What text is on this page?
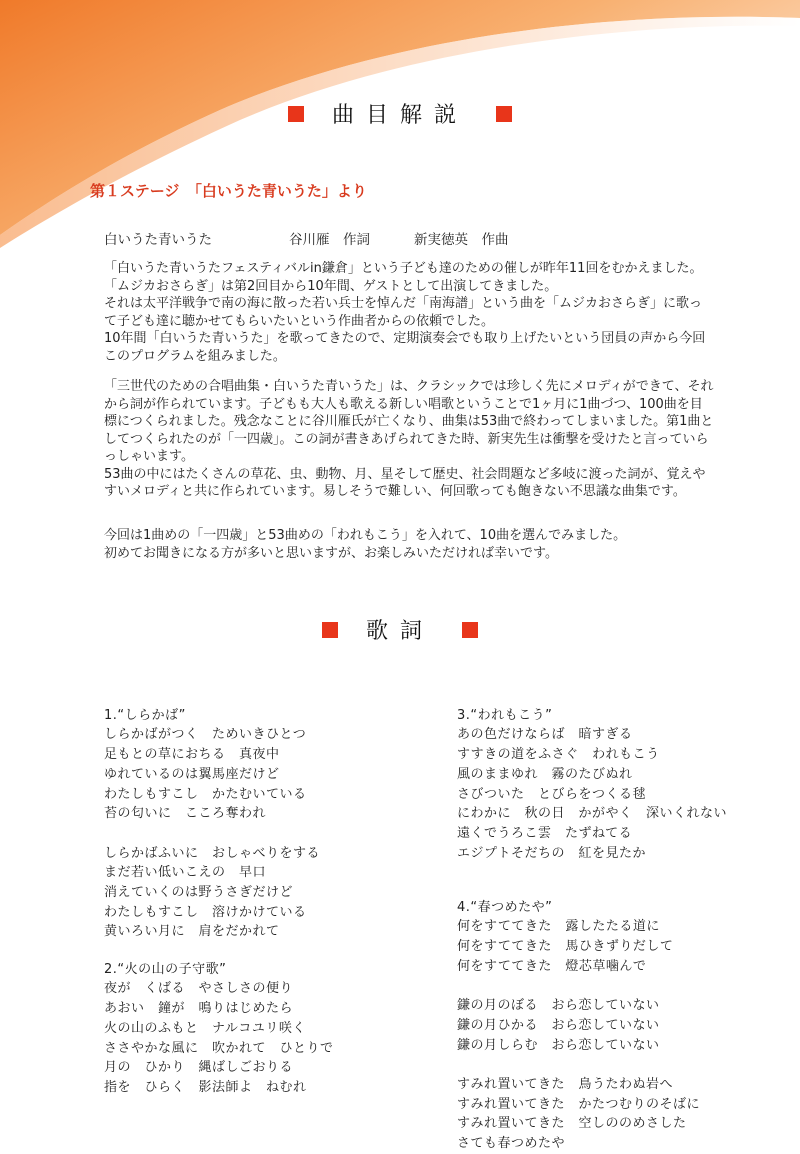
曲目解説
第１ステージ　「白いうた青いうた」より
白いうた青いうた	谷川雁　作詞	新実徳英　作曲

「白いうた青いうたフェスティバルin鎌倉」という子ども達のための催しが昨年11回をむかえました。「ムジカおさらぎ」は第2回目から10年間、ゲストとして出演してきました。
それは太平洋戦争で南の海に散った若い兵士を悼んだ「南海譜」という曲を「ムジカおさらぎ」に歌って子ども達に聴かせてもらいたいという作曲者からの依頼でした。
10年間「白いうた青いうた」を歌ってきたので、定期演奏会でも取り上げたいという団員の声から今回このプログラムを組みました。

「三世代のための合唱曲集・白いうた青いうた」は、クラシックでは珍しく先にメロディができて、それから詞が作られています。子どもも大人も歌える新しい唱歌ということで1ヶ月に1曲づつ、100曲を目標につくられました。残念なことに谷川雁氏が亡くなり、曲集は53曲で終わってしまいました。第1曲としてつくられたのが「一四歳」。この詞が書きあげられてきた時、新実先生は衝撃を受けたと言っていらっしゃいます。
53曲の中にはたくさんの草花、虫、動物、月、星そして歴史、社会問題など多岐に渡った詞が、覚えやすいメロディと共に作られています。易しそうで難しい、何回歌っても飽きない不思議な曲集です。

今回は1曲めの「一四歳」と53曲めの「われもこう」を入れて、10曲を選んでみました。
初めてお聞きになる方が多いと思いますが、お楽しみいただければ幸いです。

歌詞

1.“しらかば”
しらかばがつく　ためいきひとつ
足もとの草におちる　真夜中
ゆれているのは翼馬座だけど
わたしもすこし　かたむいている
苔の匂いに　こころ奪われ

しらかばふいに　おしゃべりをする
まだ若い低いこえの　早口
消えていくのは野うさぎだけど
わたしもすこし　溶けかけている
黄いろい月に　肩をだかれて

2.“火の山の子守歌”
夜が　くばる　やさしさの便り
あおい　鐘が　鳴りはじめたら
火の山のふもと　ナルコユリ咲く
ささやかな風に　吹かれて　ひとりで
月の　ひかり　縄ばしごおりる
指を　ひらく　影法師よ　ねむれ

3.“われもこう”
あの色だけならば　暗すぎる
すすきの道をふさぐ　われもこう
風のままゆれ　霧のたびぬれ
さびついた　とびらをつくる毬
にわかに　秋の日　かがやく　深いくれない
遠くでうろこ雲　たずねてる
エジプトそだちの　紅を見たか

4.“春つめたや”
何をすててきた　露したたる道に
何をすててきた　馬ひきずりだして
何をすててきた　燈芯草噛んで

鎌の月のぼる　おら恋していない
鎌の月ひかる　おら恋していない
鎌の月しらむ　おら恋していない

すみれ置いてきた　鳥うたわぬ岩へ
すみれ置いてきた　かたつむりのそばに
すみれ置いてきた　空しののめさした
さても春つめたや
